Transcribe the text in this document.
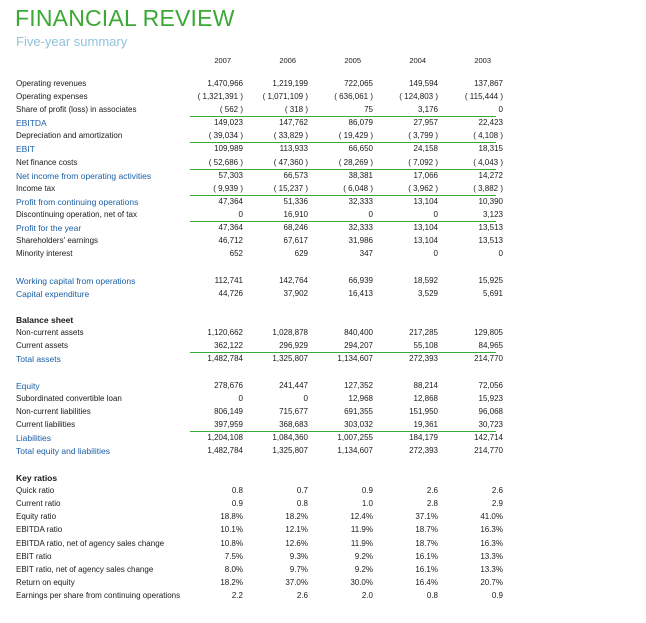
FINANCIAL REVIEW
Five-year summary
2007	2006	2005	2004	2003
Operating revenues	1,470,966	1,219,199	722,065	149,594	137,867
Operating expenses	( 1,321,391 ) ( 1,071,109 )	( 636,061 )	( 124,803 )	( 115,444 )
Share of profit (loss) in associates	( 562 )	( 318 )	75	3,176	0
EBITDA	149,023	147,762	86,079	27,957	22,423
Depreciation and amortization	( 39,034 )	( 33,829 )	( 19,429 )	( 3,799 )	( 4,108 )
EBIT	109,989	113,933	66,650	24,158	18,315
Net finance costs	( 52,686 )	( 47,360 )	( 28,269 )	( 7,092 )	( 4,043 )
Net income from operating activities	57,303	66,573	38,381	17,066	14,272
Income tax	( 9,939 )	( 15,237 )	( 6,048 )	( 3,962 )	( 3,882 )
Profit from continuing operations	47,364	51,336	32,333	13,104	10,390
Discontinuing operation, net of tax	0	16,910	0	0	3,123
Profit for the year	47,364	68,246	32,333	13,104	13,513
Shareholders' earnings	46,712	67,617	31,986	13,104	13,513
Minority interest	652	629	347	0	0
Working capital from operations	112,741	142,764	66,939	18,592	15,925
Capital expenditure	44,726	37,902	16,413	3,529	5,691
Balance sheet
Non-current assets	1,120,662	1,028,878	840,400	217,285	129,805
Current assets	362,122	296,929	294,207	55,108	84,965
Total assets	1,482,784	1,325,807	1,134,607	272,393	214,770
Equity	278,676	241,447	127,352	88,214	72,056
Subordinated convertible loan	0	0	12,968	12,868	15,923
Non-current liabilities	806,149	715,677	691,355	151,950	96,068
Current liabilities	397,959	368,683	303,032	19,361	30,723
Liabilities	1,204,108	1,084,360	1,007,255	184,179	142,714
Total equity and liabilities	1,482,784	1,325,807	1,134,607	272,393	214,770
Key ratios
Quick ratio	0.8	0.7	0.9	2.6	2.6
Current ratio	0.9	0.8	1.0	2.8	2.9
Equity ratio	18.8%	18.2%	12.4%	37.1%	41.0%
EBITDA ratio	10.1%	12.1%	11.9%	18.7%	16.3%
EBITDA ratio, net of agency sales change	10.8%	12.6%	11.9%	18.7%	16.3%
EBIT ratio	7.5%	9.3%	9.2%	16.1%	13.3%
EBIT ratio, net of agency sales change	8.0%	9.7%	9.2%	16.1%	13.3%
Return on equity	18.2%	37.0%	30.0%	16.4%	20.7%
Earnings per share from continuing operations	2.2	2.6	2.0	0.8	0.9
